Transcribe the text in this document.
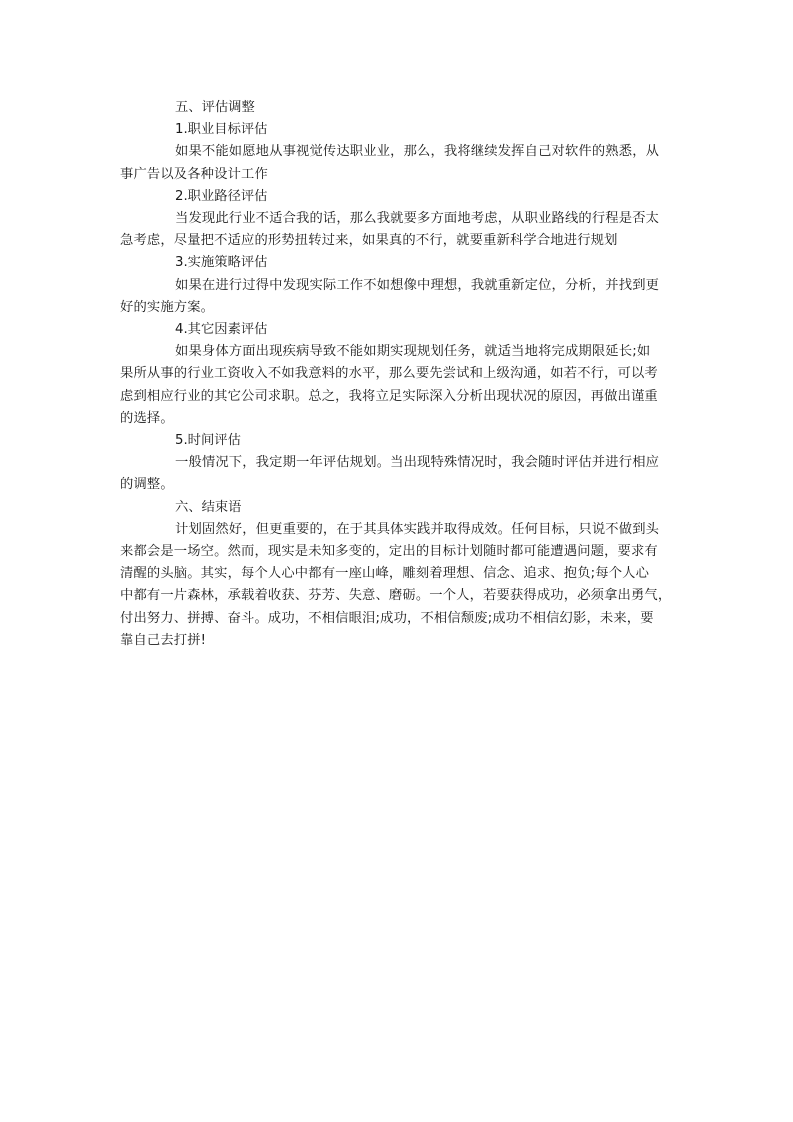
五、评估调整

1.职业目标评估

如果不能如愿地从事视觉传达职业业，那么，我将继续发挥自己对软件的熟悉，从

事广告以及各种设计工作

2.职业路径评估

当发现此行业不适合我的话，那么我就要多方面地考虑，从职业路线的行程是否太

急考虑，尽量把不适应的形势扭转过来，如果真的不行，就要重新科学合地进行规划

3.实施策略评估

如果在进行过得中发现实际工作不如想像中理想，我就重新定位，分析，并找到更

好的实施方案。

4.其它因素评估

如果身体方面出现疾病导致不能如期实现规划任务，就适当地将完成期限延长;如

果所从事的行业工资收入不如我意料的水平，那么要先尝试和上级沟通，如若不行，可以考

虑到相应行业的其它公司求职。总之，我将立足实际深入分析出现状况的原因，再做出谨重

的选择。

5.时间评估

一般情况下，我定期一年评估规划。当出现特殊情况时，我会随时评估并进行相应

的调整。

六、结束语

计划固然好，但更重要的，在于其具体实践并取得成效。任何目标，只说不做到头

来都会是一场空。然而，现实是未知多变的，定出的目标计划随时都可能遭遇问题，要求有

清醒的头脑。其实，每个人心中都有一座山峰，雕刻着理想、信念、追求、抱负;每个人心

中都有一片森林，承载着收获、芬芳、失意、磨砺。一个人，若要获得成功，必须拿出勇气，

付出努力、拼搏、奋斗。成功，不相信眼泪;成功，不相信颓废;成功不相信幻影，未来，要

靠自己去打拼!
